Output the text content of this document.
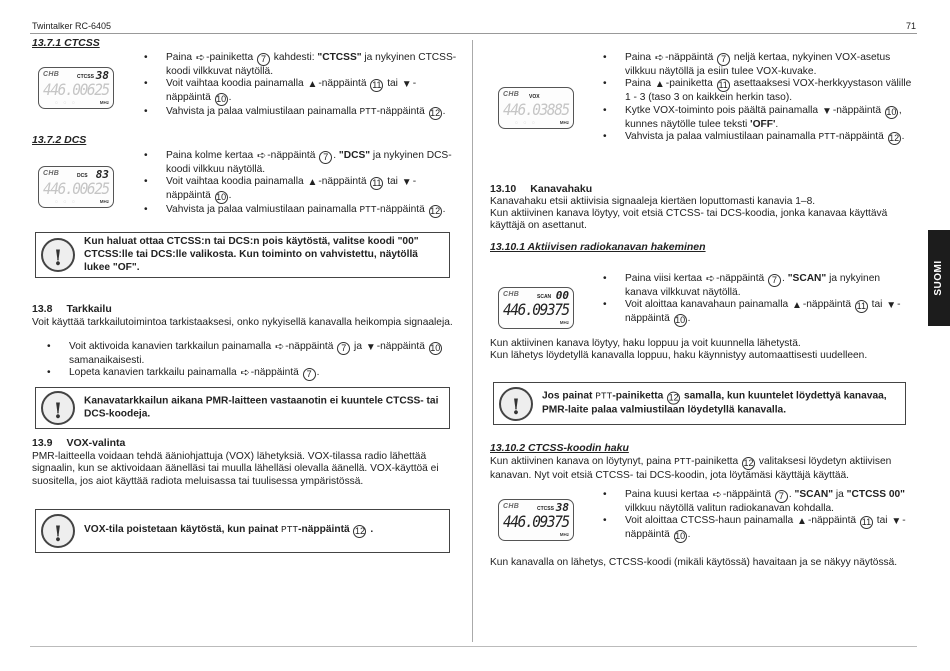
Twintalker RC-6405	71
SUOMI
13.7.1 CTCSS
CHB	CTCSS 38
446.00625
◌ ◌ ◌	MHz
• Paina ➪-painiketta 7 kahdesti: "CTCSS" ja nykyinen CTCSS-koodi vilkkuvat näytöllä.
• Voit vaihtaa koodia painamalla ▲-näppäintä 11 tai ▼-näppäintä 10 .
• Vahvista ja palaa valmiustilaan painamalla PTT-näppäintä 12 .
13.7.2 DCS
CHB	DCS 83
446.00625
◌ ◌ ◌	MHz
• Paina kolme kertaa ➪-näppäintä 7 . "DCS" ja nykyinen DCS-koodi vilkkuu näytöllä.
• Voit vaihtaa koodia painamalla ▲-näppäintä 11 tai ▼-näppäintä 10 .
• Vahvista ja palaa valmiustilaan painamalla PTT-näppäintä 12 .
!
Kun haluat ottaa CTCSS:n tai DCS:n pois käytöstä, valitse koodi "00" CTCSS:lle tai DCS:lle valikosta. Kun toiminto on vahvistettu, näytöllä lukee "OF".
13.8 Tarkkailu
Voit käyttää tarkkailutoimintoa tarkistaaksesi, onko nykyisellä kanavalla heikompia signaaleja.
• Voit aktivoida kanavien tarkkailun painamalla ➪-näppäintä 7 ja ▼-näppäintä 10 samanaikaisesti.
• Lopeta kanavien tarkkailu painamalla ➪-näppäintä 7 .
!	Kanavatarkkailun aikana PMR-laitteen vastaanotin ei kuuntele CTCSS- tai DCS-koodeja.
13.9 VOX-valinta
PMR-laitteella voidaan tehdä ääniohjattuja (VOX) lähetyksiä. VOX-tilassa radio lähettää signaalin, kun se aktivoidaan äänelläsi tai muulla lähelläsi olevalla äänellä. VOX-käyttöä ei suositella, jos aiot käyttää radiota meluisassa tai tuulisessa ympäristössä.
!	VOX-tila poistetaan käytöstä, kun painat PTT-näppäintä 12 .
CHB VOX
446.03885
◌ ◌ ◌	MHz
• Paina ➪-näppäintä 7 neljä kertaa, nykyinen VOX-asetus vilkkuu näytöllä ja esiin tulee VOX-kuvake.
• Paina ▲-painiketta 11 asettaaksesi VOX-herkkyystason välille 1 - 3 (taso 3 on kaikkein herkin taso).
• Kytke VOX-toiminto pois päältä painamalla ▼-näppäintä 10 , kunnes näytölle tulee teksti 'OFF'.
• Vahvista ja palaa valmiustilaan painamalla PTT-näppäintä 12 .
13.10 Kanavahaku
Kanavahaku etsii aktiivisia signaaleja kiertäen loputtomasti kanavia 1–8.
Kun aktiivinen kanava löytyy, voit etsiä CTCSS- tai DCS-koodia, jonka kanavaa käyttävä käyttäjä on asettanut.
13.10.1 Aktiivisen radiokanavan hakeminen
CHB	SCAN 00
446.09375
MHz
• Paina viisi kertaa ➪-näppäintä 7 . "SCAN" ja nykyinen kanava vilkkuvat näytöllä.
• Voit aloittaa kanavahaun painamalla ▲-näppäintä 11 tai ▼-näppäintä 10 .
Kun aktiivinen kanava löytyy, haku loppuu ja voit kuunnella lähetystä.
Kun lähetys löydetyllä kanavalla loppuu, haku käynnistyy automaattisesti uudelleen.
!	Jos painat PTT-painiketta 12 samalla, kun kuuntelet löydettyä kanavaa, PMR-laite palaa valmiustilaan löydetyllä kanavalla.
13.10.2 CTCSS-koodin haku
Kun aktiivinen kanava on löytynyt, paina PTT-painiketta 12 valitaksesi löydetyn aktiivisen kanavan. Nyt voit etsiä CTCSS- tai DCS-koodin, jota löytämäsi käyttäjä käyttää.
CHB	CTCSS 38
446.09375
MHz
• Paina kuusi kertaa ➪-näppäintä 7 . "SCAN" ja "CTCSS 00" vilkkuu näytöllä valitun radiokanavan kohdalla.
• Voit aloittaa CTCSS-haun painamalla ▲-näppäintä 11 tai ▼-näppäintä 10 .
Kun kanavalla on lähetys, CTCSS-koodi (mikäli käytössä) havaitaan ja se näkyy näytössä.
